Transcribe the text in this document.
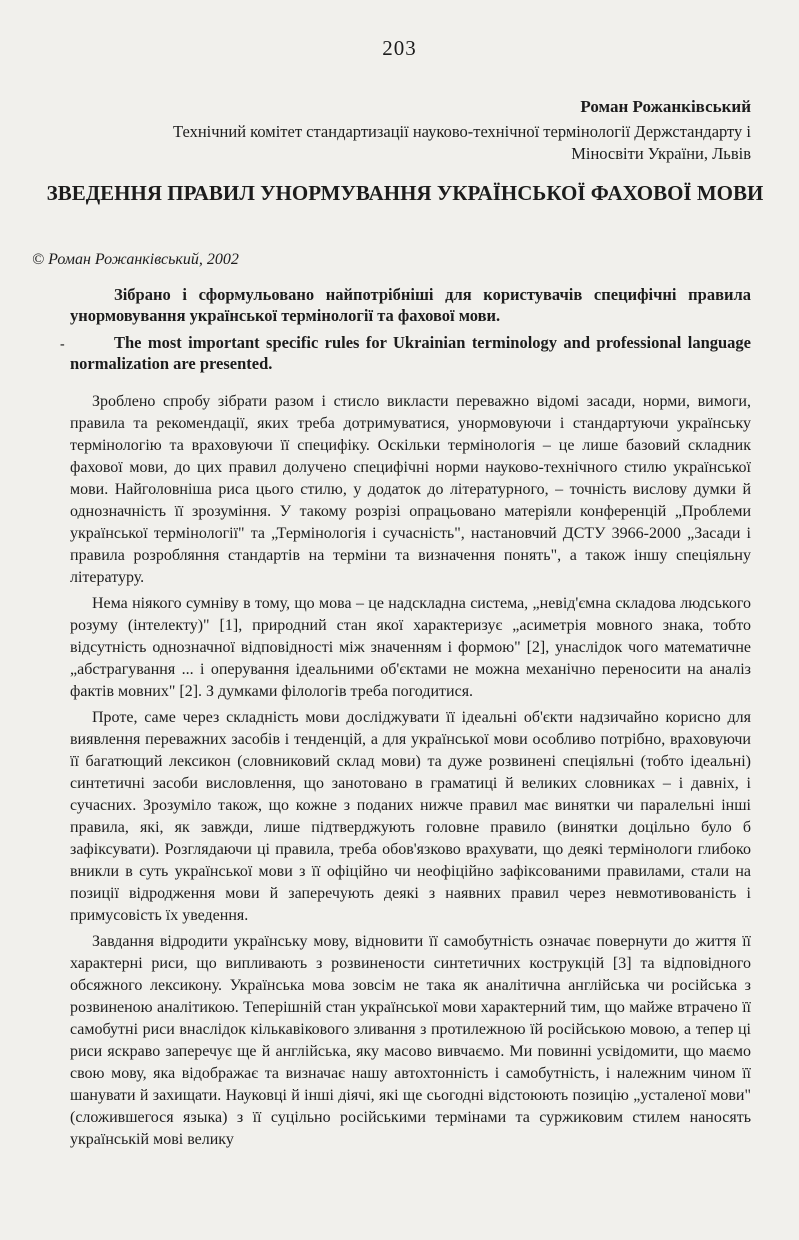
203
Роман Рожанківський
Технічний комітет стандартизації науково-технічної термінології Держстандарту і Міносвіти України, Львів
ЗВЕДЕННЯ ПРАВИЛ УНОРМУВАННЯ УКРАЇНСЬКОЇ ФАХОВОЇ МОВИ
© Роман Рожанківський, 2002

Зібрано і сформульовано найпотрібніші для користувачів специфічні правила унормовування української термінології та фахової мови.

-	The most important specific rules for Ukrainian terminology and professional language normalization are presented.

Зроблено спробу зібрати разом і стисло викласти переважно відомі засади, норми, вимоги, правила та рекомендації, яких треба дотримуватися, унормовуючи і стандартуючи українську термінологію та враховуючи її специфіку. Оскільки термінологія – це лише базовий складник фахової мови, до цих правил долучено специфічні норми науково-технічного стилю української мови. Найголовніша риса цього стилю, у додаток до літературного, – точність вислову думки й однозначність її зрозуміння. У такому розрізі опрацьовано матеріяли конференцій „Проблеми української термінології" та „Термінологія і сучасність", настановчий ДСТУ 3966-2000 „Засади і правила розробляння стандартів на терміни та визначення понять", а також іншу спеціяльну літературу.

Нема ніякого сумніву в тому, що мова – це надскладна система, „невід'ємна складова людського розуму (інтелекту)" [1], природний стан якої характеризує „асиметрія мовного знака, тобто відсутність однозначної відповідності між значенням і формою" [2], унаслідок чого математичне „абстрагування ... і оперування ідеальними об'єктами не можна механічно переносити на аналіз фактів мовних" [2]. З думками філологів треба погодитися.

Проте, саме через складність мови досліджувати її ідеальні об'єкти надзичайно корисно для виявлення переважних засобів і тенденцій, а для української мови особливо потрібно, враховуючи її багатющий лексикон (словниковий склад мови) та дуже розвинені спеціяльні (тобто ідеальні) синтетичні засоби висловлення, що занотовано в граматиці й великих словниках – і давніх, і сучасних. Зрозуміло також, що кожне з поданих нижче правил має винятки чи паралельні інші правила, які, як завжди, лише підтверджують головне правило (винятки доцільно було б зафіксувати). Розглядаючи ці правила, треба обов'язково врахувати, що деякі термінологи глибоко вникли в суть української мови з її офіційно чи неофіційно зафіксованими правилами, стали на позиції відродження мови й заперечують деякі з наявних правил через невмотивованість і примусовість їх уведення.

Завдання відродити українську мову, відновити її самобутність означає повернути до життя її характерні риси, що випливають з розвинености синтетичних кострукцій [3] та відповідного обсяжного лексикону. Українська мова зовсім не така як аналітична англійська чи російська з розвиненою аналітикою. Теперішній стан української мови характерний тим, що майже втрачено її самобутні риси внаслідок кількавікового зливання з протилежною їй російською мовою, а тепер ці риси яскраво заперечує ще й англійська, яку масово вивчаємо. Ми повинні усвідомити, що маємо свою мову, яка відображає та визначає нашу автохтонність і самобутність, і належним чином її шанувати й захищати. Науковці й інші діячі, які ще сьогодні відстоюють позицію „усталеної мови" (сложившегося языка) з її суцільно російськими термінами та суржиковим стилем наносять українській мові велику
